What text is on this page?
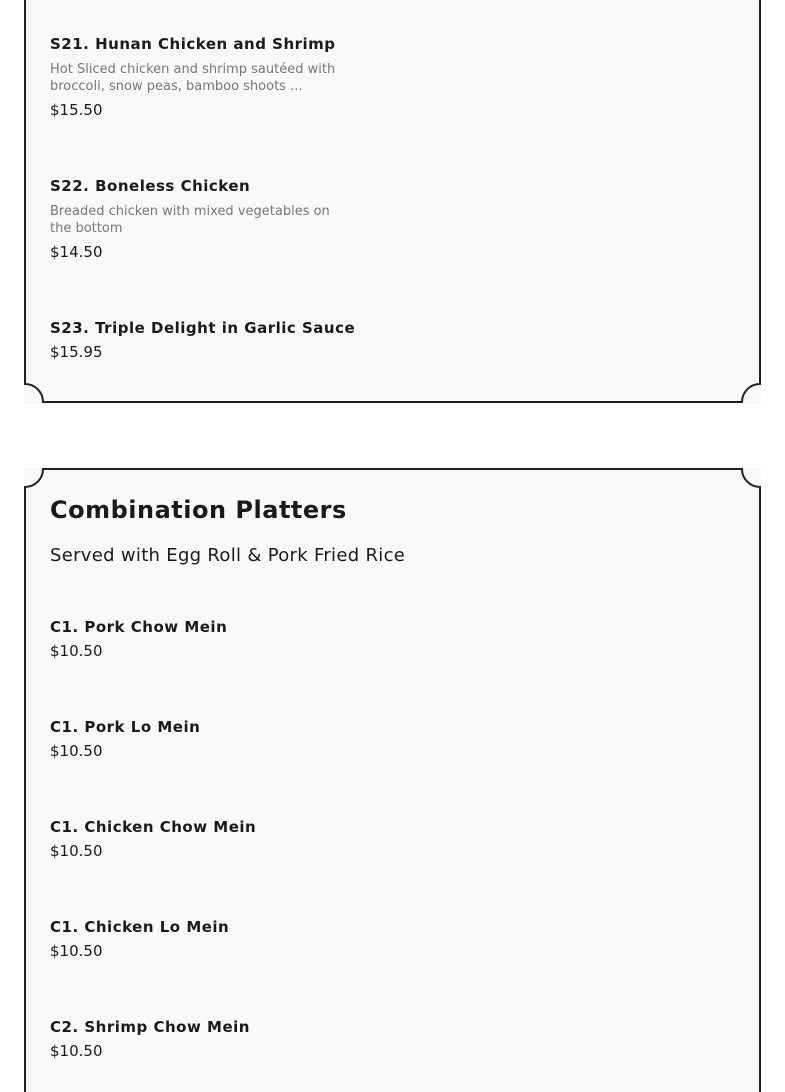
S21. Hunan Chicken and Shrimp
Hot Sliced chicken and shrimp sautéed with broccoli, snow peas, bamboo shoots ...
$15.50
S22. Boneless Chicken
Breaded chicken with mixed vegetables on the bottom
$14.50
S23. Triple Delight in Garlic Sauce
$15.95
Combination Platters
Served with Egg Roll & Pork Fried Rice
C1. Pork Chow Mein
$10.50
C1. Pork Lo Mein
$10.50
C1. Chicken Chow Mein
$10.50
C1. Chicken Lo Mein
$10.50
C2. Shrimp Chow Mein
$10.50
